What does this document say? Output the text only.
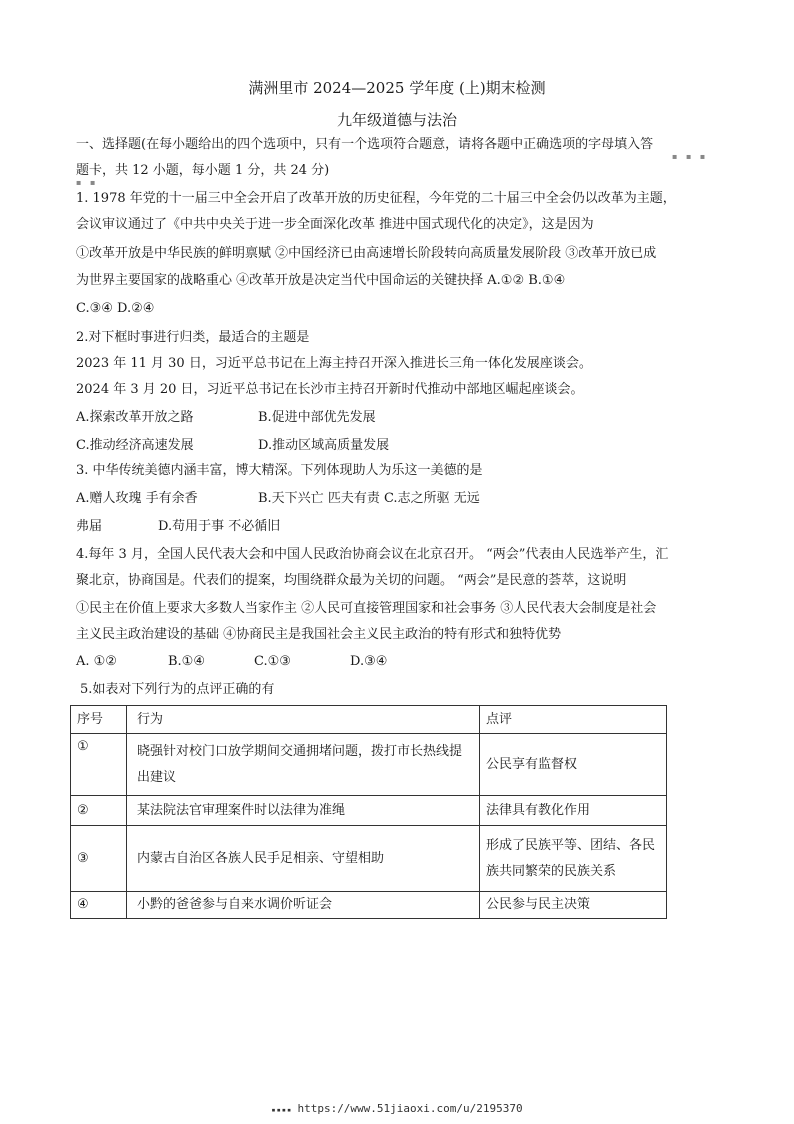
满洲里市 2024—2025 学年度 (上)期末检测
九年级道德与法治
一、选择题(在每小题给出的四个选项中，只有一个选项符合题意，请将各题中正确选项的字母填入答
题卡，共 12 小题，每小题 1 分，共 24 分)
▪ ▪ ▪
▪ ▪
1. 1978 年党的十一届三中全会开启了改革开放的历史征程，今年党的二十届三中全会仍以改革为主题，
会议审议通过了《中共中央关于进一步全面深化改革 推进中国式现代化的决定》，这是因为
①改革开放是中华民族的鲜明禀赋 ②中国经济已由高速增长阶段转向高质量发展阶段 ③改革开放已成
为世界主要国家的战略重心 ④改革开放是决定当代中国命运的关键抉择 A.①② B.①④
C.③④ D.②④
2.对下框时事进行归类，最适合的主题是
2023 年 11 月 30 日，习近平总书记在上海主持召开深入推进长三角一体化发展座谈会。
2024 年 3 月 20 日，习近平总书记在长沙市主持召开新时代推动中部地区崛起座谈会。
A.探索改革开放之路	B.促进中部优先发展
C.推动经济高速发展	D.推动区域高质量发展
3. 中华传统美德内涵丰富，博大精深。下列体现助人为乐这一美德的是
A.赠人玫瑰 手有余香	B.天下兴亡 匹夫有责 C.志之所驱 无远
弗届	D.苟用于事 不必循旧
4.每年 3 月，全国人民代表大会和中国人民政治协商会议在北京召开。 “两会”代表由人民选举产生，汇
聚北京，协商国是。代表们的提案，均围绕群众最为关切的问题。 “两会”是民意的荟萃，这说明
①民主在价值上要求大多数人当家作主 ②人民可直接管理国家和社会事务 ③人民代表大会制度是社会
主义民主政治建设的基础 ④协商民主是我国社会主义民主政治的特有形式和独特优势
A. ①②	B.①④	C.①③	D.③④
5.如表对下列行为的点评正确的有
序号	行为	点评
①	晓强针对校门口放学期间交通拥堵问题，拨打市长热线提出建议	公民享有监督权
②	某法院法官审理案件时以法律为准绳	法律具有教化作用
③	内蒙古自治区各族人民手足相亲、守望相助	形成了民族平等、团结、各民族共同繁荣的民族关系
④	小黔的爸爸参与自来水调价听证会	公民参与民主决策
▪▪▪▪ https://www.51jiaoxi.com/u/2195370
